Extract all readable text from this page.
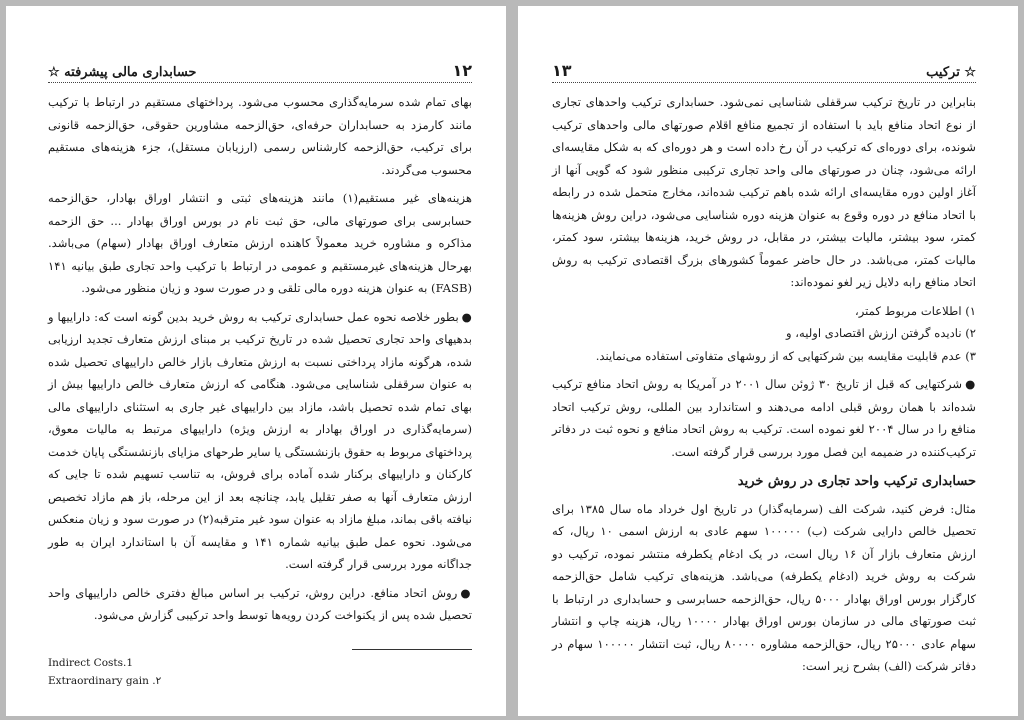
۱۲
حسابداری مالی پیشرفته ☆

بهای تمام شده سرمایه‌گذاری محسوب می‌شود. پرداختهای مستقیم در ارتباط با ترکیب مانند کارمزد به حسابداران حرفه‌ای، حق‌الزحمه مشاورین حقوقی، حق‌الزحمه قانونی برای ترکیب، حق‌الزحمه کارشناس رسمی (ارزیابان مستقل)، جزء هزینه‌های مستقیم محسوب می‌گردند.

هزینه‌های غیر مستقیم(۱) مانند هزینه‌های ثبتی و انتشار اوراق بهادار، حق‌الزحمه حسابرسی برای صورتهای مالی، حق ثبت نام در بورس اوراق بهادار ... حق الزحمه مذاکره و مشاوره خرید معمولاً کاهنده ارزش متعارف اوراق بهادار (سهام) می‌باشد. بهرحال هزینه‌های غیرمستقیم و عمومی در ارتباط با ترکیب واحد تجاری طبق بیانیه ۱۴۱ (FASB) به عنوان هزینه دوره مالی تلقی و در صورت سود و زیان منظور می‌شود.

●بطور خلاصه نحوه عمل حسابداری ترکیب به روش خرید بدین گونه است که: داراییها و بدهیهای واحد تجاری تحصیل شده در تاریخ ترکیب بر مبنای ارزش متعارف تجدید ارزیابی شده، هرگونه مازاد پرداختی نسبت به ارزش متعارف بازار خالص داراییهای تحصیل شده به عنوان سرقفلی شناسایی می‌شود. هنگامی که ارزش متعارف خالص داراییها بیش از بهای تمام شده تحصیل باشد، مازاد بین داراییهای غیر جاری به استثنای داراییهای مالی (سرمایه‌گذاری در اوراق بهادار به ارزش ویژه) داراییهای مرتبط به مالیات معوق، پرداختهای مربوط به حقوق بازنشستگی یا سایر طرحهای مزایای بازنشستگی پایان خدمت کارکنان و داراییهای برکنار شده آماده برای فروش، به تناسب تسهیم شده تا جایی که ارزش متعارف آنها به صفر تقلیل یابد، چنانچه بعد از این مرحله، باز هم مازاد تخصیص نیافته باقی بماند، مبلغ مازاد به عنوان سود غیر مترقبه(۲) در صورت سود و زیان منعکس می‌شود. نحوه عمل طبق بیانیه شماره ۱۴۱ و مقایسه آن با استاندارد ایران به طور جداگانه مورد بررسی قرار گرفته است.

●روش اتحاد منافع. دراین روش، ترکیب بر اساس مبالغ دفتری خالص داراییهای واحد تحصیل شده پس از یکنواخت کردن رویه‌ها توسط واحد ترکیبی گزارش می‌شود.

Indirect Costs.1
Extraordinary gain .۲
☆ ترکیب
۱۳

بنابراین در تاریخ ترکیب سرقفلی شناسایی نمی‌شود. حسابداری ترکیب واحدهای تجاری از نوع اتحاد منافع باید با استفاده از تجمیع منافع اقلام صورتهای مالی واحدهای ترکیب شونده، برای دوره‌ای که ترکیب در آن رخ داده است و هر دوره‌ای که به شکل مقایسه‌ای ارائه می‌شود، چنان در صورتهای مالی واحد تجاری ترکیبی منظور شود که گویی آنها از آغاز اولین دوره مقایسه‌ای ارائه شده باهم ترکیب شده‌اند، مخارج متحمل شده در رابطه با اتحاد منافع در دوره وقوع به عنوان هزینه دوره شناسایی می‌شود، دراین روش هزینه‌ها کمتر، سود بیشتر، مالیات بیشتر، در مقابل، در روش خرید، هزینه‌ها بیشتر، سود کمتر، مالیات کمتر، می‌باشد. در حال حاضر عموماً کشورهای بزرگ اقتصادی ترکیب به روش اتحاد منافع رابه دلایل زیر لغو نموده‌اند:

۱) اطلاعات مربوط کمتر،

۲) نادیده گرفتن ارزش اقتصادی اولیه، و

۳) عدم قابلیت مقایسه بین شرکتهایی که از روشهای متفاوتی استفاده می‌نمایند.

●شرکتهایی که قبل از تاریخ ۳۰ ژوئن سال ۲۰۰۱ در آمریکا به روش اتحاد منافع ترکیب شده‌اند با همان روش قبلی ادامه می‌دهند و استاندارد بین المللی، روش ترکیب اتحاد منافع را در سال ۲۰۰۴ لغو نموده است. ترکیب به روش اتحاد منافع و نحوه ثبت در دفاتر ترکیب‌کننده در ضمیمه این فصل مورد بررسی قرار گرفته است.

حسابداری ترکیب واحد تجاری در روش خرید

مثال: فرض کنید، شرکت الف (سرمایه‌گذار) در تاریخ اول خرداد ماه سال ۱۳۸۵ برای تحصیل خالص دارایی شرکت (ب) ۱۰۰۰۰۰ سهم عادی به ارزش اسمی ۱۰ ریال، که ارزش متعارف بازار آن ۱۶ ریال است، در یک ادغام یکطرفه منتشر نموده، ترکیب دو شرکت به روش خرید (ادغام یکطرفه) می‌باشد. هزینه‌های ترکیب شامل حق‌الزحمه کارگزار بورس اوراق بهادار ۵۰۰۰ ریال، حق‌الزحمه حسابرسی و حسابداری در ارتباط با ثبت صورتهای مالی در سازمان بورس اوراق بهادار ۱۰۰۰۰ ریال، هزینه چاپ و انتشار سهام عادی ۲۵۰۰۰ ریال، حق‌الزحمه مشاوره ۸۰۰۰۰ ریال، ثبت انتشار ۱۰۰۰۰۰ سهام در دفاتر شرکت (الف) بشرح زیر است:
